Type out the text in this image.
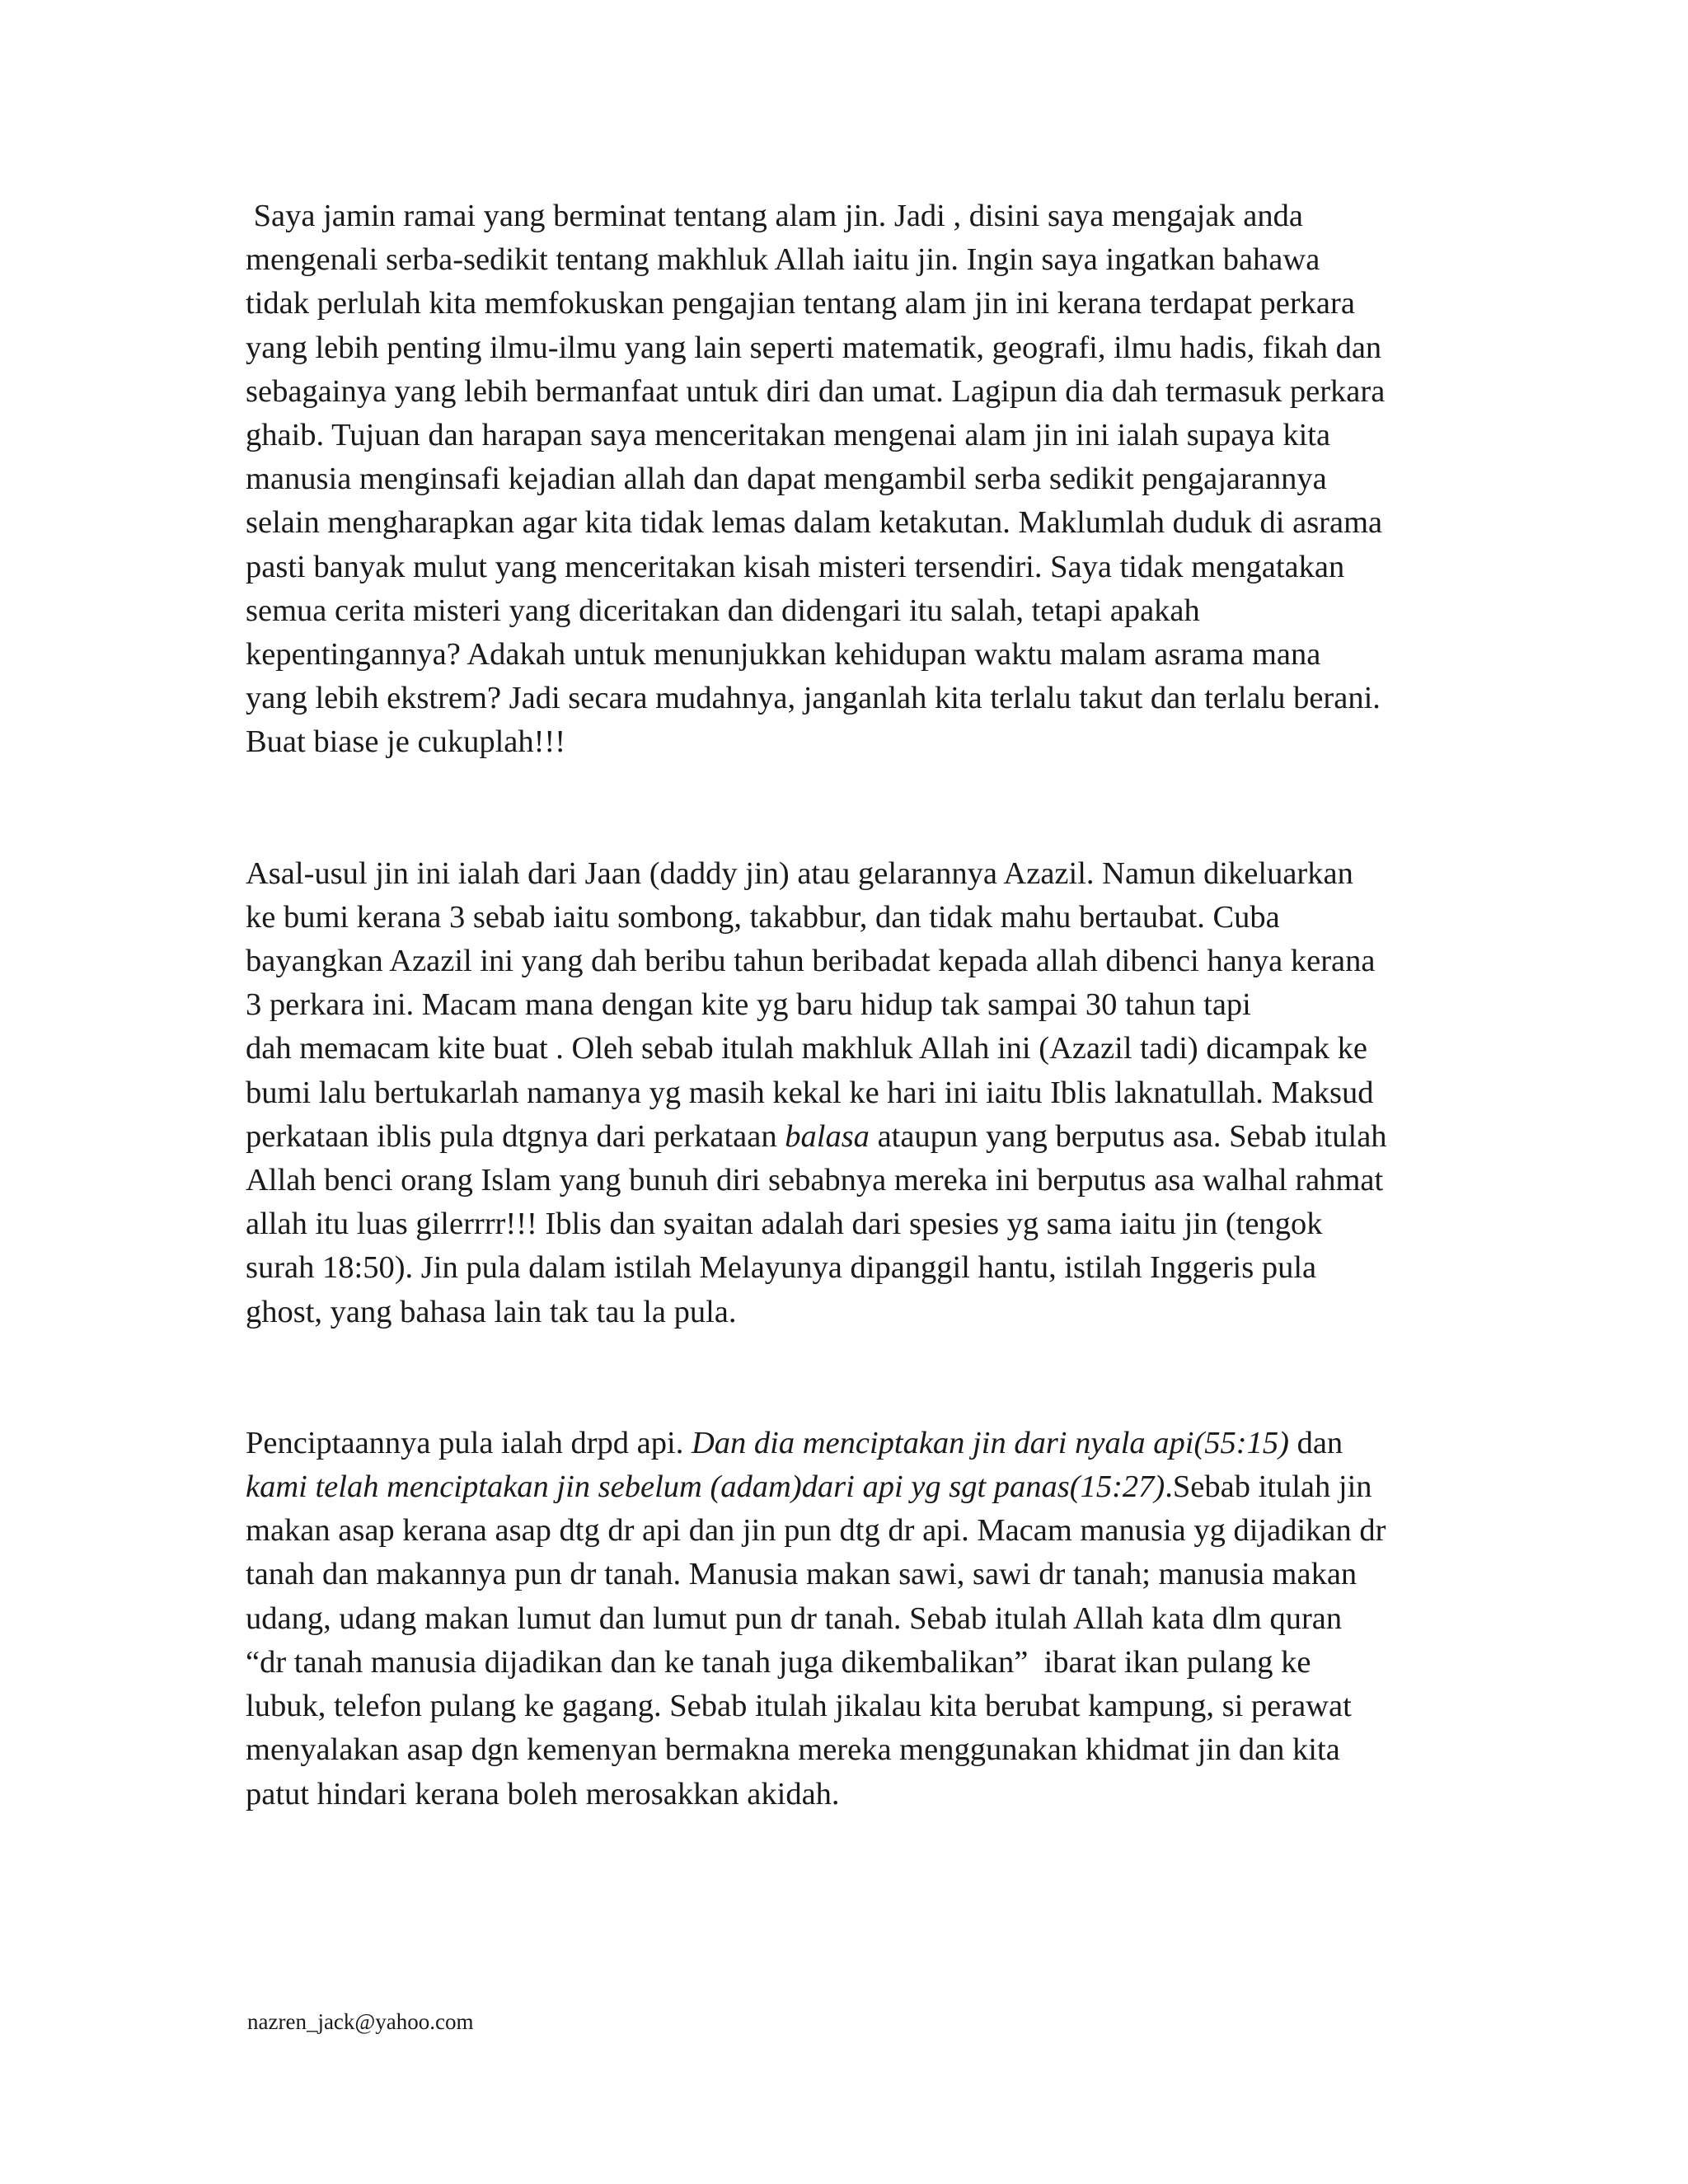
Saya jamin ramai yang berminat tentang alam jin. Jadi , disini saya mengajak anda
mengenali serba-sedikit tentang makhluk Allah iaitu jin. Ingin saya ingatkan bahawa
tidak perlulah kita memfokuskan pengajian tentang alam jin ini kerana terdapat perkara
yang lebih penting ilmu-ilmu yang lain seperti matematik, geografi, ilmu hadis, fikah dan
sebagainya yang lebih bermanfaat untuk diri dan umat. Lagipun dia dah termasuk perkara
ghaib. Tujuan dan harapan saya menceritakan mengenai alam jin ini ialah supaya kita
manusia menginsafi kejadian allah dan dapat mengambil serba sedikit pengajarannya
selain mengharapkan agar kita tidak lemas dalam ketakutan. Maklumlah duduk di asrama
pasti banyak mulut yang menceritakan kisah misteri tersendiri. Saya tidak mengatakan
semua cerita misteri yang diceritakan dan didengari itu salah, tetapi apakah
kepentingannya? Adakah untuk menunjukkan kehidupan waktu malam asrama mana
yang lebih ekstrem? Jadi secara mudahnya, janganlah kita terlalu takut dan terlalu berani.
Buat biase je cukuplah!!!
Asal-usul jin ini ialah dari Jaan (daddy jin) atau gelarannya Azazil. Namun dikeluarkan
ke bumi kerana 3 sebab iaitu sombong, takabbur, dan tidak mahu bertaubat. Cuba
bayangkan Azazil ini yang dah beribu tahun beribadat kepada allah dibenci hanya kerana
3 perkara ini. Macam mana dengan kite yg baru hidup tak sampai 30 tahun tapi
dah memacam kite buat . Oleh sebab itulah makhluk Allah ini (Azazil tadi) dicampak ke
bumi lalu bertukarlah namanya yg masih kekal ke hari ini iaitu Iblis laknatullah. Maksud
perkataan iblis pula dtgnya dari perkataan balasa ataupun yang berputus asa. Sebab itulah
Allah benci orang Islam yang bunuh diri sebabnya mereka ini berputus asa walhal rahmat
allah itu luas gilerrrr!!! Iblis dan syaitan adalah dari spesies yg sama iaitu jin (tengok
surah 18:50). Jin pula dalam istilah Melayunya dipanggil hantu, istilah Inggeris pula
ghost, yang bahasa lain tak tau la pula.
Penciptaannya pula ialah drpd api. Dan dia menciptakan jin dari nyala api(55:15) dan
kami telah menciptakan jin sebelum (adam)dari api yg sgt panas(15:27).Sebab itulah jin
makan asap kerana asap dtg dr api dan jin pun dtg dr api. Macam manusia yg dijadikan dr
tanah dan makannya pun dr tanah. Manusia makan sawi, sawi dr tanah; manusia makan
udang, udang makan lumut dan lumut pun dr tanah. Sebab itulah Allah kata dlm quran
“dr tanah manusia dijadikan dan ke tanah juga dikembalikan”  ibarat ikan pulang ke
lubuk, telefon pulang ke gagang. Sebab itulah jikalau kita berubat kampung, si perawat
menyalakan asap dgn kemenyan bermakna mereka menggunakan khidmat jin dan kita
patut hindari kerana boleh merosakkan akidah.
nazren_jack@yahoo.com
